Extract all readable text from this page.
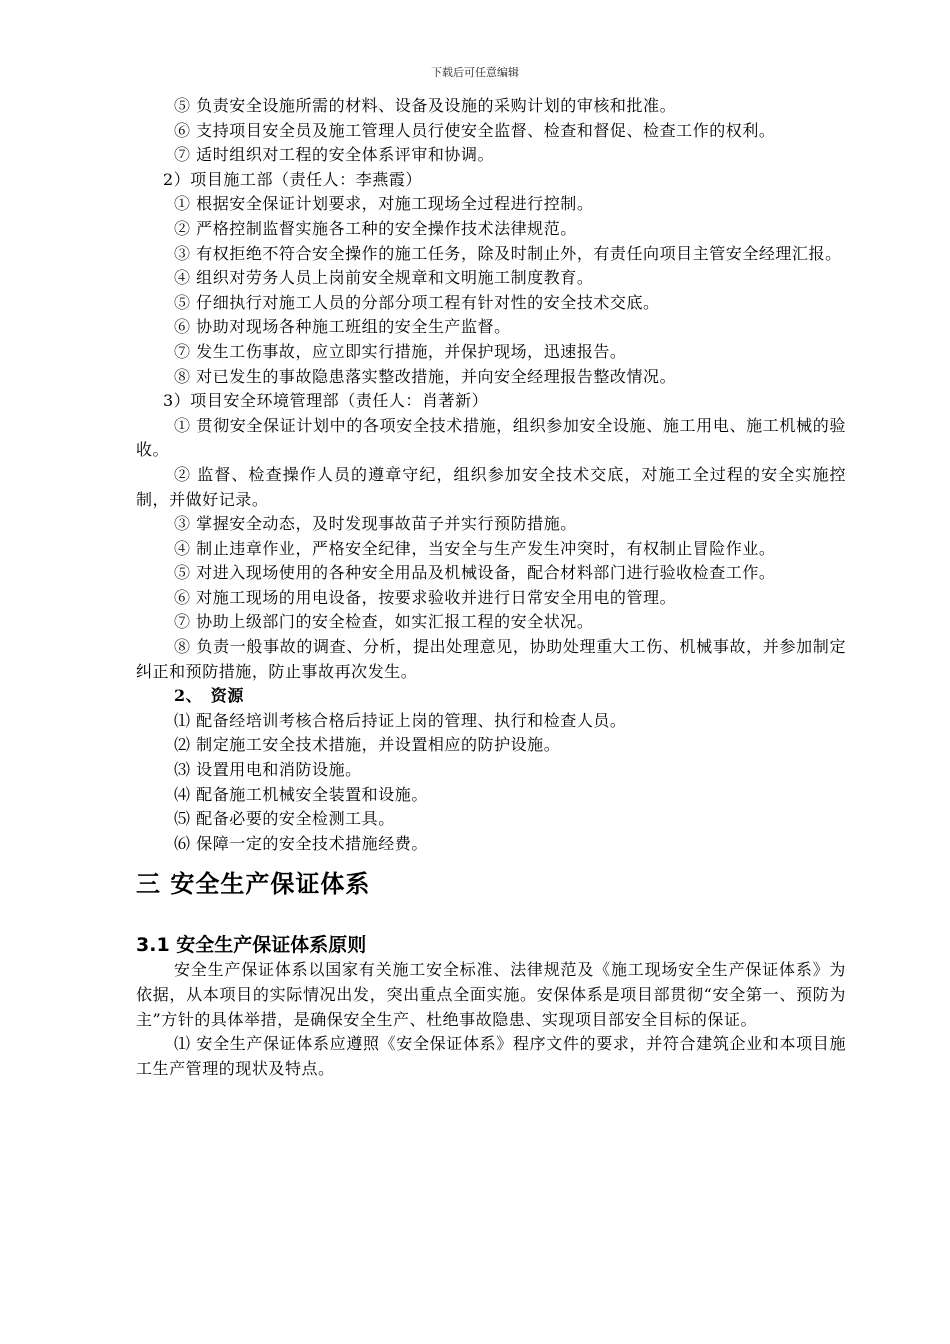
下载后可任意编辑

⑤ 负责安全设施所需的材料、设备及设施的采购计划的审核和批准。

⑥ 支持项目安全员及施工管理人员行使安全监督、检查和督促、检查工作的权利。

⑦ 适时组织对工程的安全体系评审和协调。

2）项目施工部（责任人：李燕霞）

① 根据安全保证计划要求，对施工现场全过程进行控制。

② 严格控制监督实施各工种的安全操作技术法律规范。

③ 有权拒绝不符合安全操作的施工任务，除及时制止外，有责任向项目主管安全经理汇报。

④ 组织对劳务人员上岗前安全规章和文明施工制度教育。

⑤ 仔细执行对施工人员的分部分项工程有针对性的安全技术交底。

⑥ 协助对现场各种施工班组的安全生产监督。

⑦ 发生工伤事故，应立即实行措施，并保护现场，迅速报告。

⑧ 对已发生的事故隐患落实整改措施，并向安全经理报告整改情况。

3）项目安全环境管理部（责任人：肖著新）

① 贯彻安全保证计划中的各项安全技术措施，组织参加安全设施、施工用电、施工机械的验收。

② 监督、检查操作人员的遵章守纪，组织参加安全技术交底，对施工全过程的安全实施控制，并做好记录。

③ 掌握安全动态，及时发现事故苗子并实行预防措施。

④ 制止违章作业，严格安全纪律，当安全与生产发生冲突时，有权制止冒险作业。

⑤ 对进入现场使用的各种安全用品及机械设备，配合材料部门进行验收检查工作。

⑥ 对施工现场的用电设备，按要求验收并进行日常安全用电的管理。

⑦ 协助上级部门的安全检查，如实汇报工程的安全状况。

⑧ 负责一般事故的调查、分析，提出处理意见，协助处理重大工伤、机械事故，并参加制定纠正和预防措施，防止事故再次发生。

2、　资源

⑴ 配备经培训考核合格后持证上岗的管理、执行和检查人员。

⑵ 制定施工安全技术措施，并设置相应的防护设施。

⑶ 设置用电和消防设施。

⑷ 配备施工机械安全装置和设施。

⑸ 配备必要的安全检测工具。

⑹ 保障一定的安全技术措施经费。

三 安全生产保证体系
3.1 安全生产保证体系原则

安全生产保证体系以国家有关施工安全标准、法律规范及《施工现场安全生产保证体系》为依据，从本项目的实际情况出发，突出重点全面实施。安保体系是项目部贯彻“安全第一、预防为主”方针的具体举措，是确保安全生产、杜绝事故隐患、实现项目部安全目标的保证。

⑴ 安全生产保证体系应遵照《安全保证体系》程序文件的要求，并符合建筑企业和本项目施工生产管理的现状及特点。
